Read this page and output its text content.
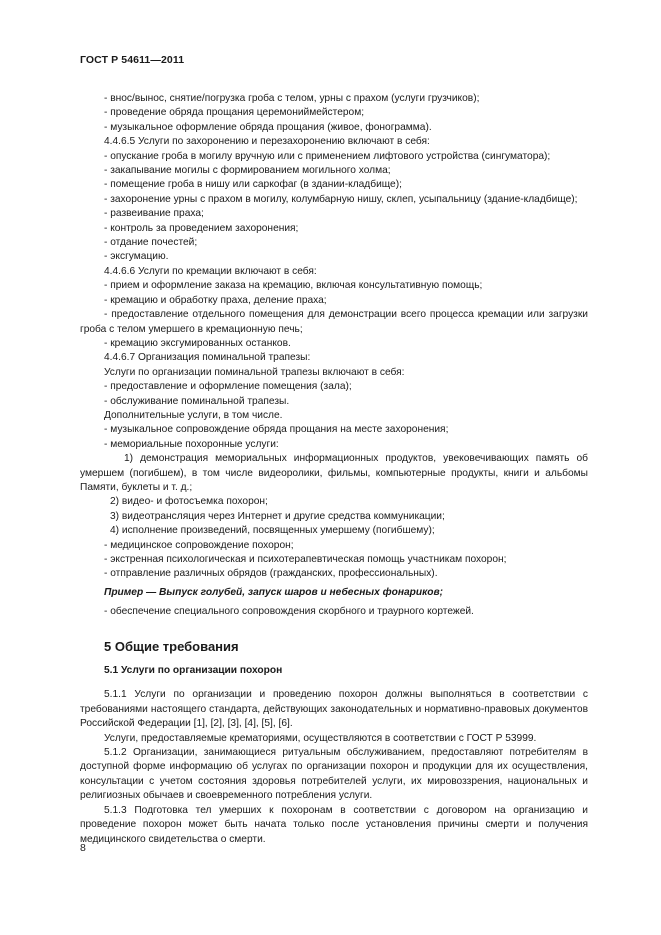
ГОСТ Р 54611—2011

- внос/вынос, снятие/погрузка гроба с телом, урны с прахом (услуги грузчиков);

- проведение обряда прощания церемониймейстером;

- музыкальное оформление обряда прощания (живое, фонограмма).

4.4.6.5 Услуги по захоронению и перезахоронению включают в себя:

- опускание гроба в могилу вручную или с применением лифтового устройства (сингуматора);

- закапывание могилы с формированием могильного холма;

- помещение гроба в нишу или саркофаг (в здании-кладбище);

- захоронение урны с прахом в могилу, колумбарную нишу, склеп, усыпальницу (здание-кладбище);

- развеивание праха;

- контроль за проведением захоронения;

- отдание почестей;

- эксгумацию.

4.4.6.6 Услуги по кремации включают в себя:

- прием и оформление заказа на кремацию, включая консультативную помощь;

- кремацию и обработку праха, деление праха;

- предоставление отдельного помещения для демонстрации всего процесса кремации или загрузки гроба с телом умершего в кремационную печь;

- кремацию эксгумированных останков.

4.4.6.7 Организация поминальной трапезы:

Услуги по организации поминальной трапезы включают в себя:

- предоставление и оформление помещения (зала);

- обслуживание поминальной трапезы.

Дополнительные услуги, в том числе.

- музыкальное сопровождение обряда прощания на месте захоронения;

- мемориальные похоронные услуги:

1) демонстрация мемориальных информационных продуктов, увековечивающих память об умершем (погибшем), в том числе видеоролики, фильмы, компьютерные продукты, книги и альбомы Памяти, буклеты и т. д.;

2) видео- и фотосъемка похорон;

3) видеотрансляция через Интернет и другие средства коммуникации;

4) исполнение произведений, посвященных умершему (погибшему);

- медицинское сопровождение похорон;

- экстренная психологическая и психотерапевтическая помощь участникам похорон;

- отправление различных обрядов (гражданских, профессиональных).

Пример — Выпуск голубей, запуск шаров и небесных фонариков;

- обеспечение специального сопровождения скорбного и траурного кортежей.

5 Общие требования

5.1 Услуги по организации похорон

5.1.1 Услуги по организации и проведению похорон должны выполняться в соответствии с требованиями настоящего стандарта, действующих законодательных и нормативно-правовых документов Российской Федерации [1], [2], [3], [4], [5], [6].

Услуги, предоставляемые крематориями, осуществляются в соответствии с ГОСТ Р 53999.

5.1.2 Организации, занимающиеся ритуальным обслуживанием, предоставляют потребителям в доступной форме информацию об услугах по организации похорон и продукции для их осуществления, консультации с учетом состояния здоровья потребителей услуги, их мировоззрения, национальных и религиозных обычаев и своевременного потребления услуги.

5.1.3 Подготовка тел умерших к похоронам в соответствии с договором на организацию и проведение похорон может быть начата только после установления причины смерти и получения медицинского свидетельства о смерти.

8
